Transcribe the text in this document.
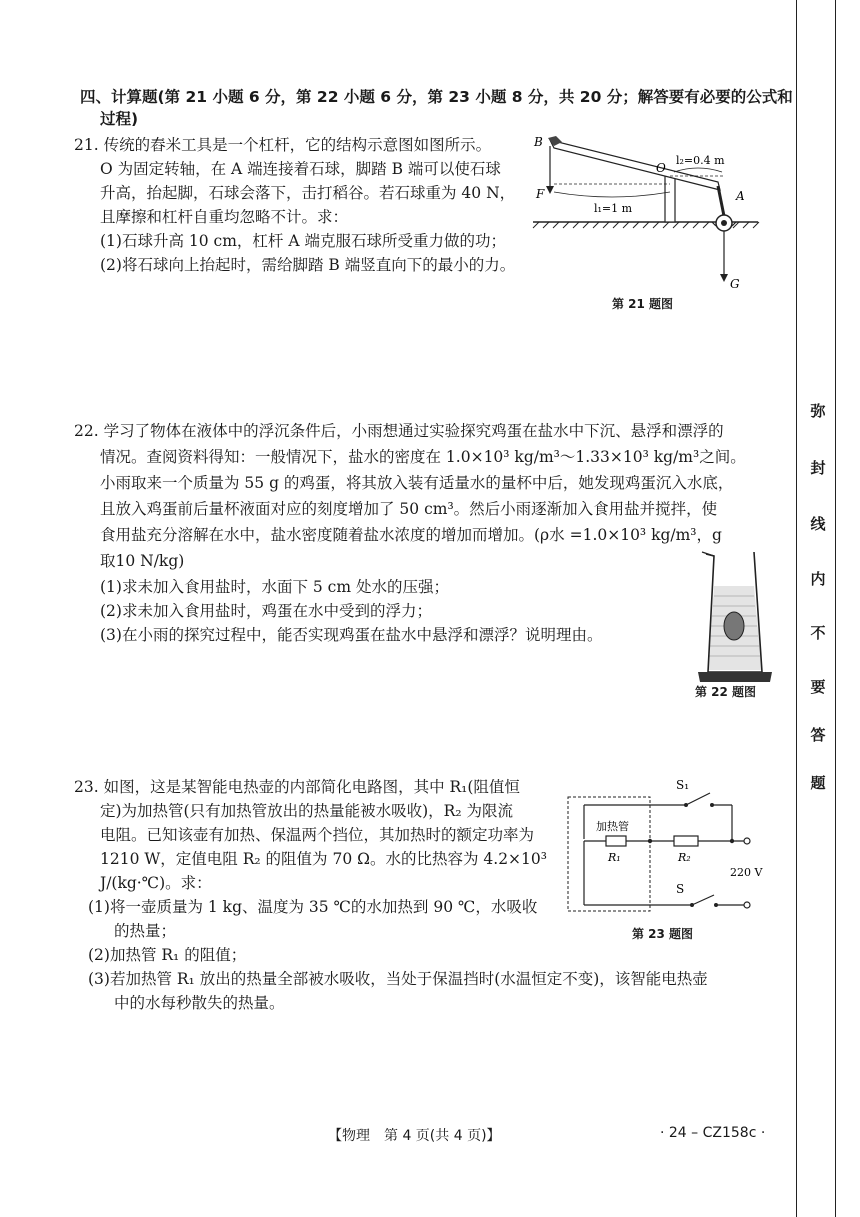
四、计算题(第 21 小题 6 分，第 22 小题 6 分，第 23 小题 8 分，共 20 分；解答要有必要的公式和
过程)
21. 传统的舂米工具是一个杠杆，它的结构示意图如图所示。
O 为固定转轴，在 A 端连接着石球，脚踏 B 端可以使石球
升高，抬起脚，石球会落下，击打稻谷。若石球重为 40 N，
且摩擦和杠杆自重均忽略不计。求：
(1)石球升高 10 cm，杠杆 A 端克服石球所受重力做的功；
(2)将石球向上抬起时，需给脚踏 B 端竖直向下的最小的力。
B
O
A
F
G
l₂=0.4 m
l₁=1 m
第 21 题图
22. 学习了物体在液体中的浮沉条件后，小雨想通过实验探究鸡蛋在盐水中下沉、悬浮和漂浮的
情况。查阅资料得知：一般情况下，盐水的密度在 1.0×10³ kg/m³～1.33×10³ kg/m³之间。
小雨取来一个质量为 55 g 的鸡蛋，将其放入装有适量水的量杯中后，她发现鸡蛋沉入水底，
且放入鸡蛋前后量杯液面对应的刻度增加了 50 cm³。然后小雨逐渐加入食用盐并搅拌，使
食用盐充分溶解在水中，盐水密度随着盐水浓度的增加而增加。(ρ水 =1.0×10³ kg/m³，g
取10 N/kg)
(1)求未加入食用盐时，水面下 5 cm 处水的压强；
(2)求未加入食用盐时，鸡蛋在水中受到的浮力；
(3)在小雨的探究过程中，能否实现鸡蛋在盐水中悬浮和漂浮？说明理由。
第 22 题图
23. 如图，这是某智能电热壶的内部简化电路图，其中 R₁(阻值恒
定)为加热管(只有加热管放出的热量能被水吸收)，R₂ 为限流
电阻。已知该壶有加热、保温两个挡位，其加热时的额定功率为
1210 W，定值电阻 R₂ 的阻值为 70 Ω。水的比热容为 4.2×10³
J/(kg·℃)。求：
(1)将一壶质量为 1 kg、温度为 35 ℃的水加热到 90 ℃，水吸收
的热量；
(2)加热管 R₁ 的阻值；
(3)若加热管 R₁ 放出的热量全部被水吸收，当处于保温挡时(水温恒定不变)，该智能电热壶
中的水每秒散失的热量。
S₁
S
加热管
R₁	R₂
220 V
第 23 题图
弥
封
线
内
不
要
答
题
【物理　第 4 页(共 4 页)】	· 24 – CZ158c ·
